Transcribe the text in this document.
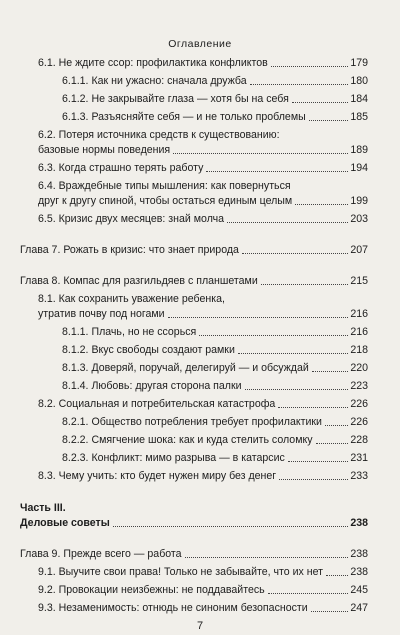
Оглавление
6.1. Не ждите ссор: профилактика конфликтов	179
6.1.1. Как ни ужасно: сначала дружба	180
6.1.2. Не закрывайте глаза — хотя бы на себя	184
6.1.3. Разъясняйте себя — и не только проблемы	185
6.2. Потеря источника средств к существованию:
базовые нормы поведения	189
6.3. Когда страшно терять работу	194
6.4. Враждебные типы мышления: как повернуться
друг к другу спиной, чтобы остаться единым целым	199
6.5. Кризис двух месяцев: знай молча	203
Глава 7. Рожать в кризис: что знает природа	207
Глава 8. Компас для разгильдяев с планшетами	215
8.1. Как сохранить уважение ребенка,
утратив почву под ногами	216
8.1.1. Плачь, но не ссорься	216
8.1.2. Вкус свободы создают рамки	218
8.1.3. Доверяй, поручай, делегируй — и обсуждай	220
8.1.4. Любовь: другая сторона палки	223
8.2. Социальная и потребительская катастрофа	226
8.2.1. Общество потребления требует профилактики	226
8.2.2. Смягчение шока: как и куда стелить соломку	228
8.2.3. Конфликт: мимо разрыва — в катарсис	231
8.3. Чему учить: кто будет нужен миру без денег	233
Часть III.
Деловые советы	238
Глава 9. Прежде всего — работа	238
9.1. Выучите свои права! Только не забывайте, что их нет	238
9.2. Провокации неизбежны: не поддавайтесь	245
9.3. Незаменимость: отнюдь не синоним безопасности	247
7
